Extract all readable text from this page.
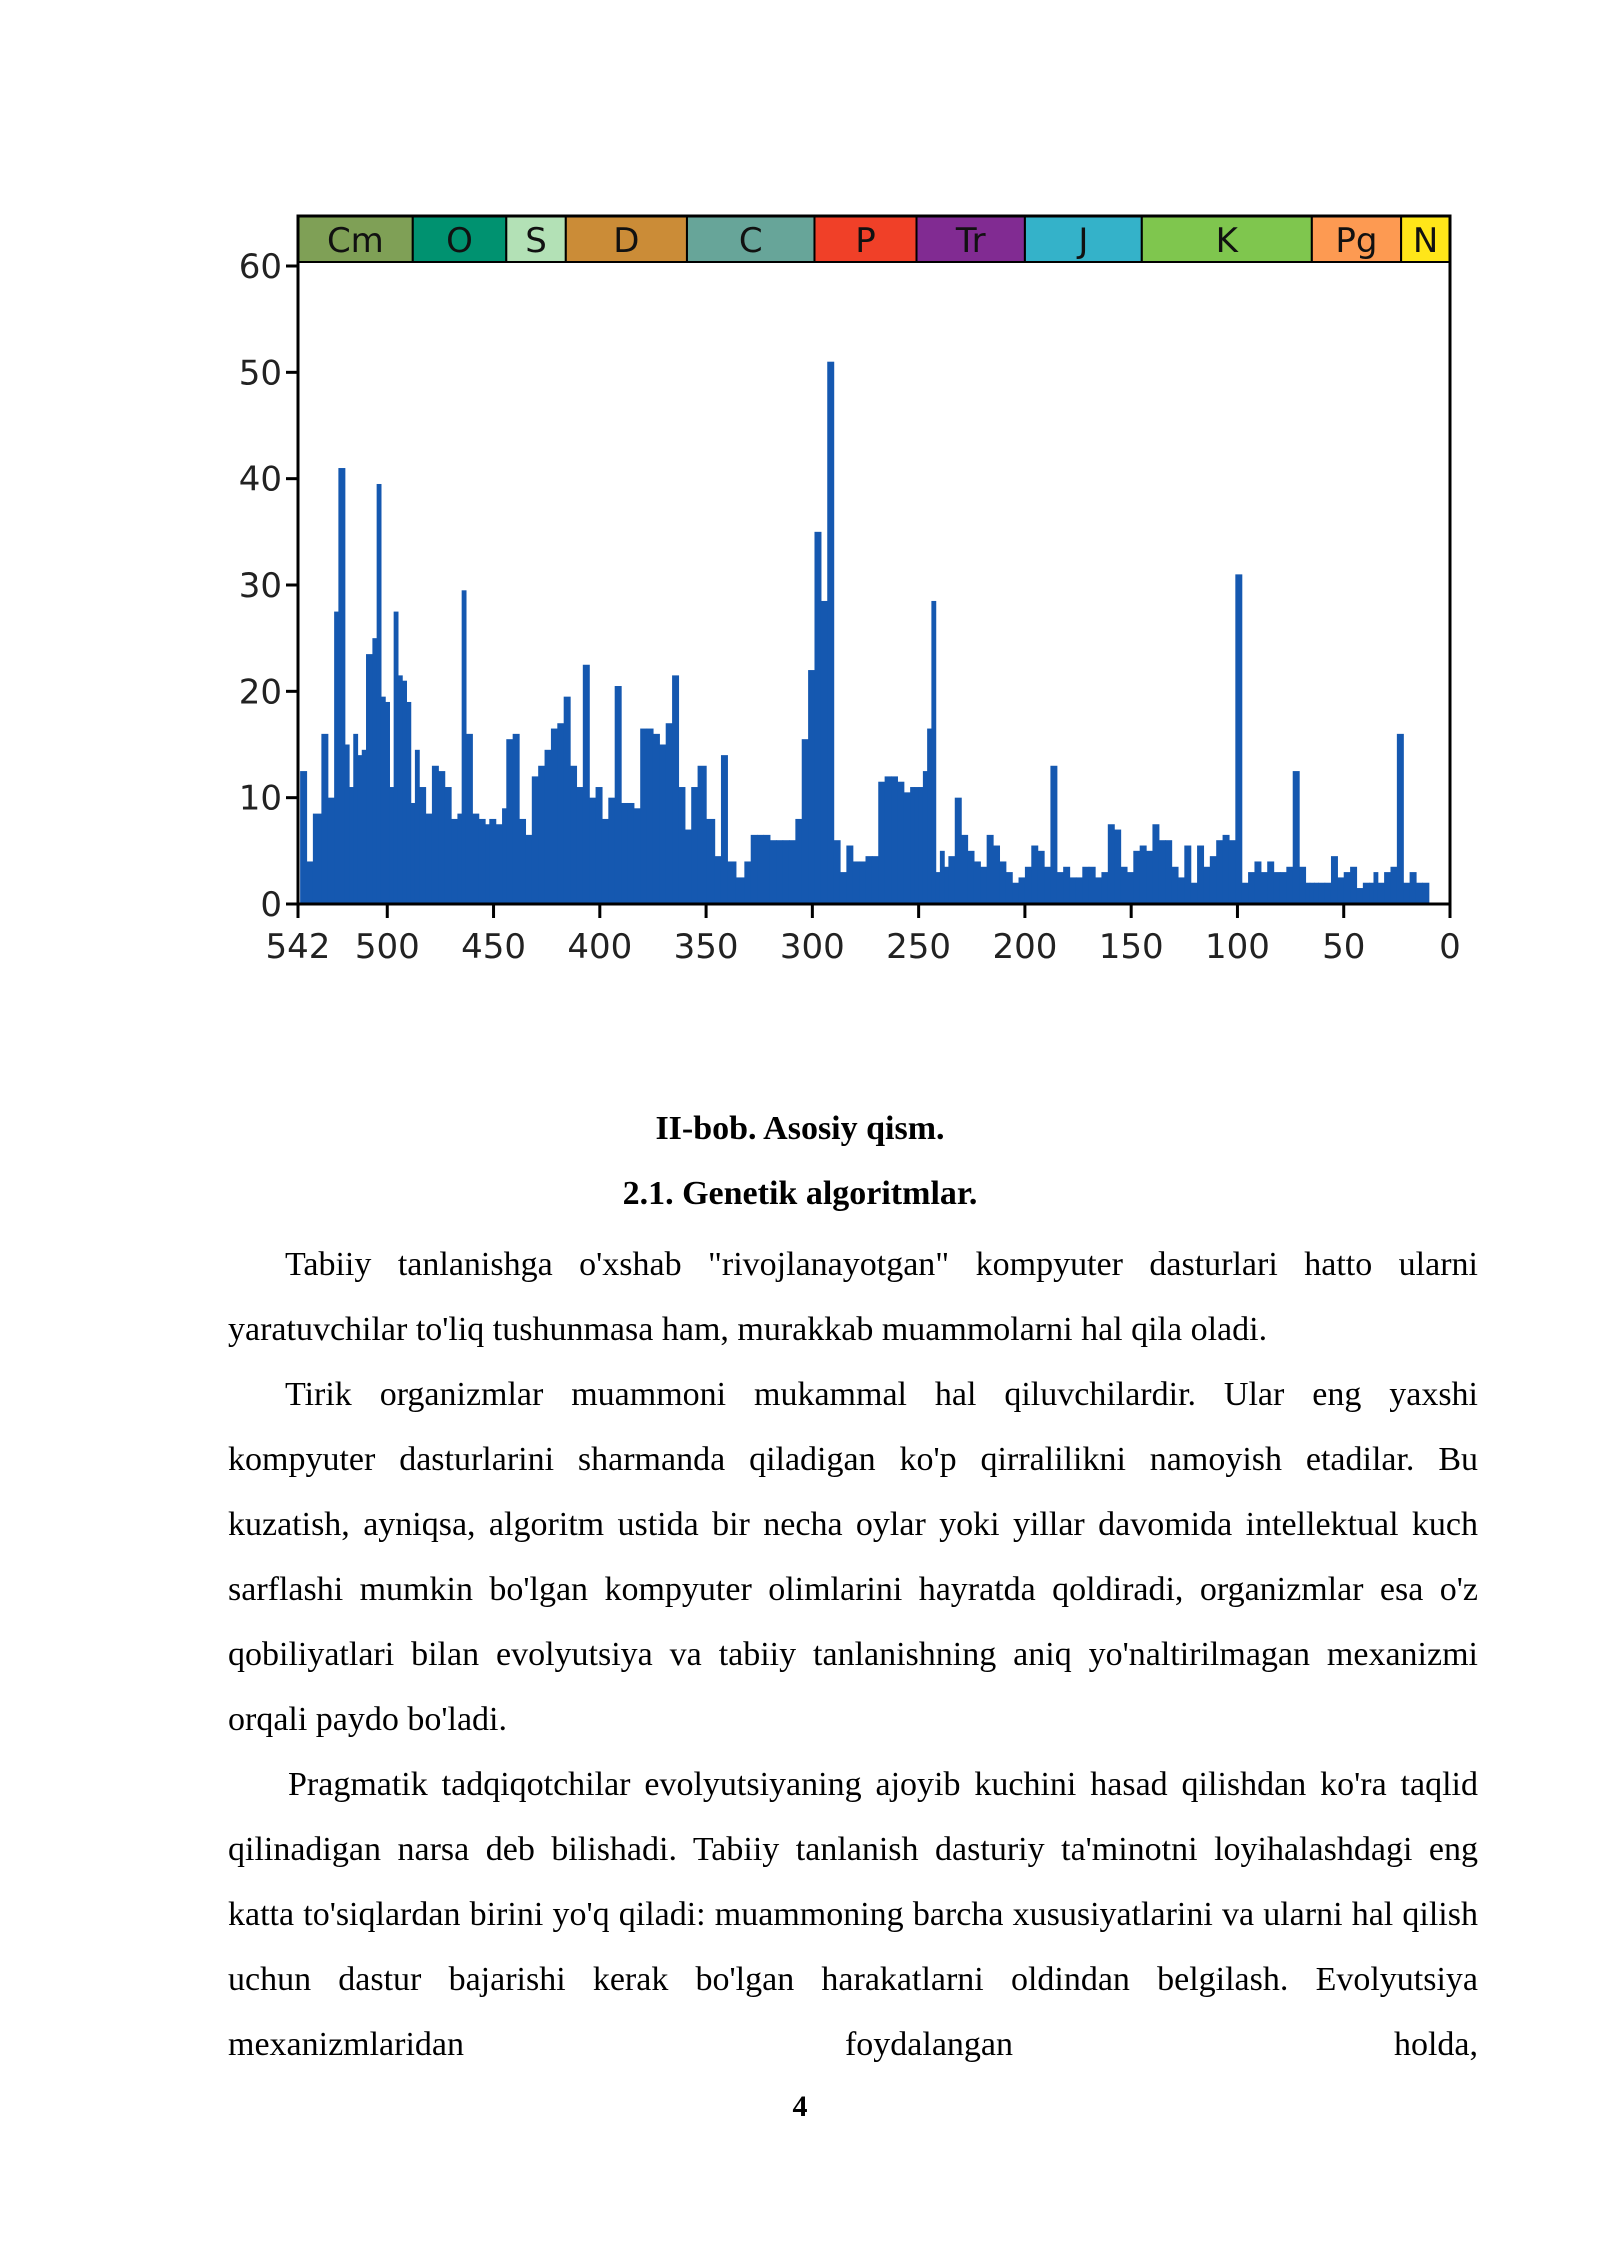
Cm O S D	C	P Tr	J	K	Pg N
0
10
20
30
40
50
60
542 500 450 400 350 300 250 200 150 100 50 0
II-bob. Asosiy qism.
2.1. Genetik algoritmlar.

Tabiiy tanlanishga o'xshab "rivojlanayotgan" kompyuter dasturlari hatto ularni yaratuvchilar to'liq tushunmasa ham, murakkab muammolarni hal qila oladi.

Tirik organizmlar muammoni mukammal hal qiluvchilardir. Ular eng yaxshi kompyuter dasturlarini sharmanda qiladigan ko'p qirralilikni namoyish etadilar. Bu kuzatish, ayniqsa, algoritm ustida bir necha oylar yoki yillar davomida intellektual kuch sarflashi mumkin bo'lgan kompyuter olimlarini hayratda qoldiradi, organizmlar esa o'z qobiliyatlari bilan evolyutsiya va tabiiy tanlanishning aniq yo'naltirilmagan mexanizmi orqali paydo bo'ladi.

Pragmatik tadqiqotchilar evolyutsiyaning ajoyib kuchini hasad qilishdan ko'ra taqlid qilinadigan narsa deb bilishadi. Tabiiy tanlanish dasturiy ta'minotni loyihalashdagi eng katta to'siqlardan birini yo'q qiladi: muammoning barcha xususiyatlarini va ularni hal qilish uchun dastur bajarishi kerak bo'lgan harakatlarni oldindan belgilash. Evolyutsiya mexanizmlaridan foydalangan holda,

4
